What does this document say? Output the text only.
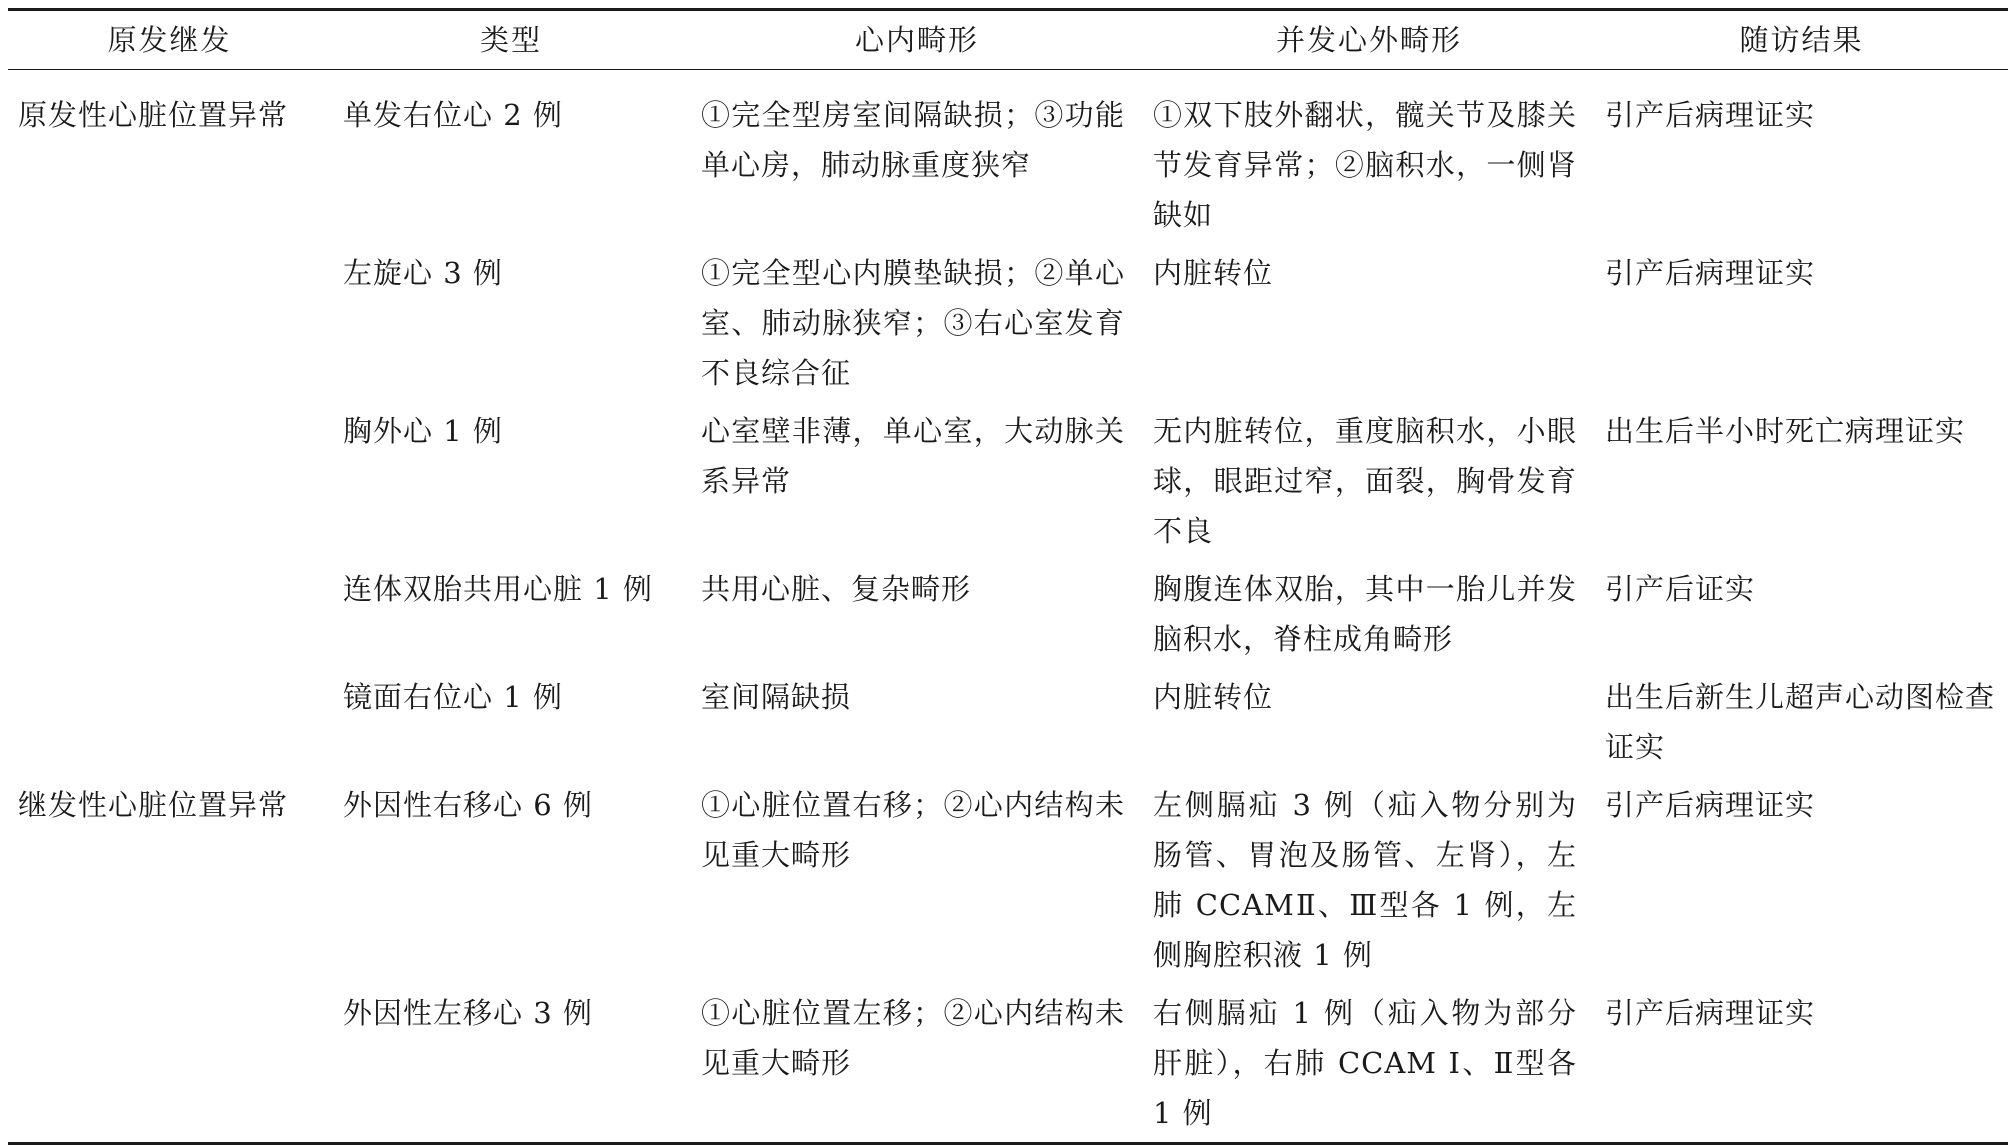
原发继发	类型	心内畸形	并发心外畸形	随访结果
原发性心脏位置异常	单发右位心 2 例	①完全型房室间隔缺损；③功能单心房，肺动脉重度狭窄	①双下肢外翻状，髋关节及膝关节发育异常；②脑积水，一侧肾缺如	引产后病理证实
	左旋心 3 例	①完全型心内膜垫缺损；②单心室、肺动脉狭窄；③右心室发育不良综合征	内脏转位	引产后病理证实
	胸外心 1 例	心室壁非薄，单心室，大动脉关系异常	无内脏转位，重度脑积水，小眼球，眼距过窄，面裂，胸骨发育不良	出生后半小时死亡病理证实
	连体双胎共用心脏 1 例	共用心脏、复杂畸形	胸腹连体双胎，其中一胎儿并发脑积水，脊柱成角畸形	引产后证实
	镜面右位心 1 例	室间隔缺损	内脏转位	出生后新生儿超声心动图检查证实
继发性心脏位置异常	外因性右移心 6 例	①心脏位置右移；②心内结构未见重大畸形	左侧膈疝 3 例（疝入物分别为肠管、胃泡及肠管、左肾），左肺 CCAMⅡ、Ⅲ型各 1 例，左侧胸腔积液 1 例	引产后病理证实
	外因性左移心 3 例	①心脏位置左移；②心内结构未见重大畸形	右侧膈疝 1 例（疝入物为部分肝脏），右肺 CCAM Ⅰ、Ⅱ型各 1 例	引产后病理证实
